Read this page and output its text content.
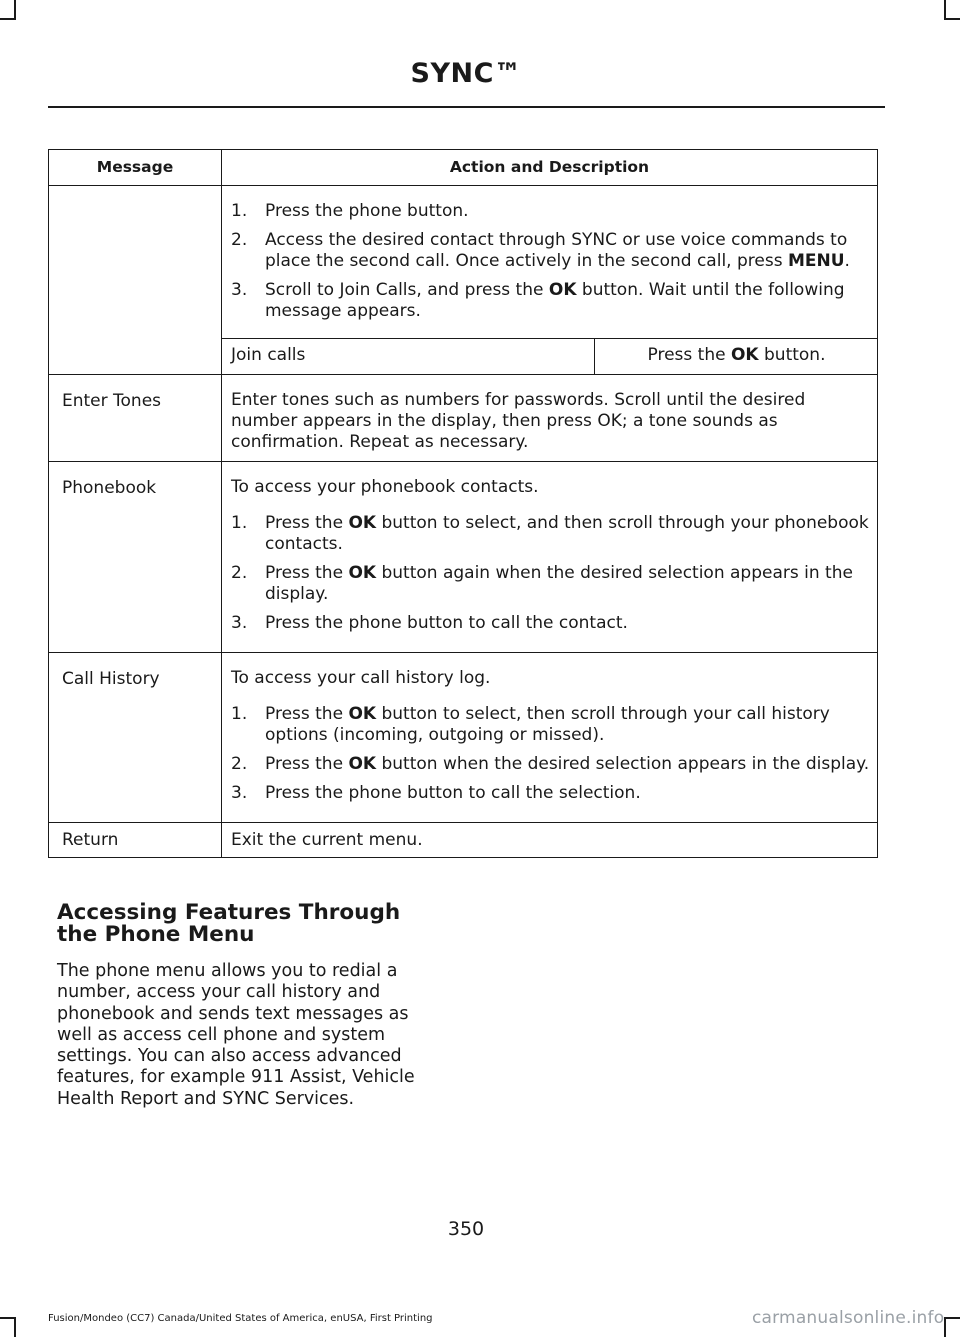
SYNC™
Message	Action and Description

1.	Press the phone button.
2.	Access the desired contact through SYNC or use voice commands to place the second call. Once actively in the second call, press MENU.
3.	Scroll to Join Calls, and press the OK button. Wait until the following message appears.

Join calls	Press the OK button.

Enter Tones	Enter tones such as numbers for passwords. Scroll until the desired number appears in the display, then press OK; a tone sounds as confirmation. Repeat as necessary.
Phonebook	To access your phonebook contacts.

1.	Press the OK button to select, and then scroll through your phonebook contacts.
2.	Press the OK button again when the desired selection appears in the display.
3.	Press the phone button to call the contact.

Call History	To access your call history log.

1.	Press the OK button to select, then scroll through your call history options (incoming, outgoing or missed).
2.	Press the OK button when the desired selection appears in the display.
3.	Press the phone button to call the selection.

Return	Exit the current menu.
Accessing Features Through the Phone Menu

The phone menu allows you to redial a number, access your call history and phonebook and sends text messages as well as access cell phone and system settings. You can also access advanced features, for example 911 Assist, Vehicle Health Report and SYNC Services.

350
Fusion/Mondeo (CC7) Canada/United States of America, enUSA, First Printing	carmanualsonline.info
